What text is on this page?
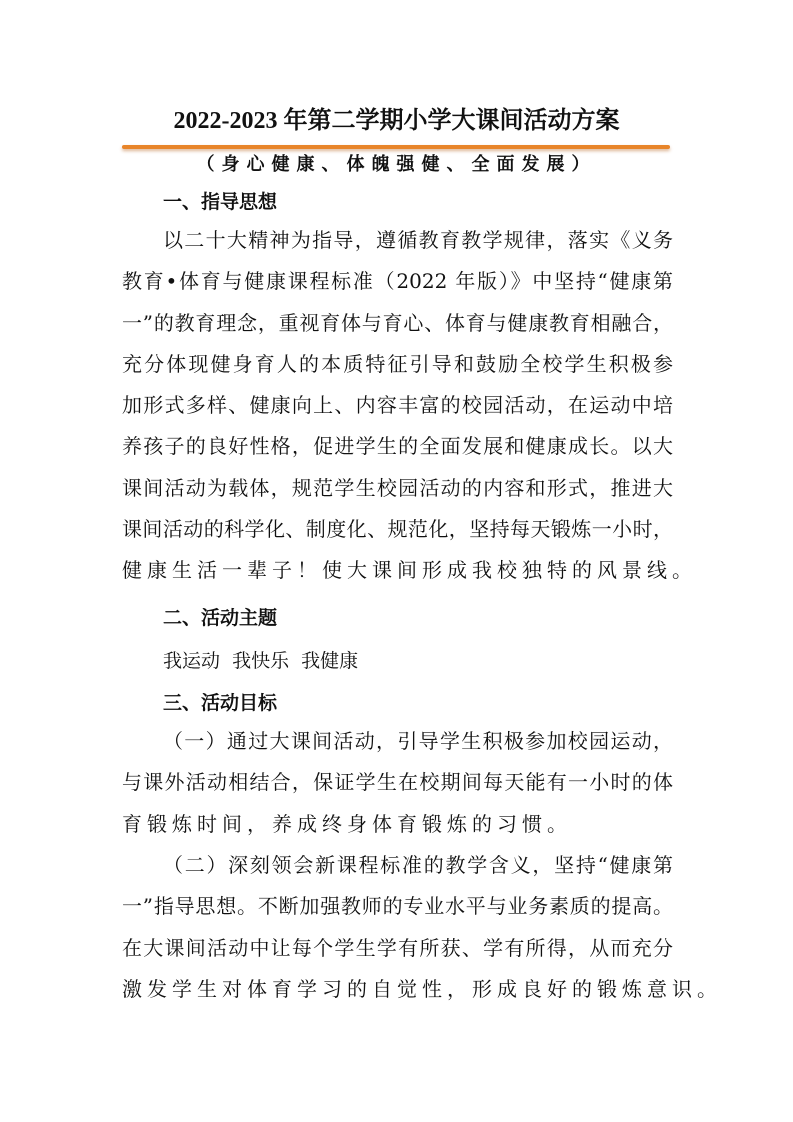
2022-2023 年第二学期小学大课间活动方案
（身心健康、体魄强健、全面发展）
一、指导思想
以二十大精神为指导，遵循教育教学规律，落实《义务
教育•体育与健康课程标准（2022 年版）》中坚持“健康第
一”的教育理念，重视育体与育心、体育与健康教育相融合，
充分体现健身育人的本质特征引导和鼓励全校学生积极参
加形式多样、健康向上、内容丰富的校园活动，在运动中培
养孩子的良好性格，促进学生的全面发展和健康成长。以大
课间活动为载体，规范学生校园活动的内容和形式，推进大
课间活动的科学化、制度化、规范化，坚持每天锻炼一小时，
健康生活一辈子！使大课间形成我校独特的风景线。
二、活动主题
我运动  我快乐  我健康
三、活动目标
（一）通过大课间活动，引导学生积极参加校园运动，
与课外活动相结合，保证学生在校期间每天能有一小时的体
育锻炼时间，养成终身体育锻炼的习惯。
（二）深刻领会新课程标准的教学含义，坚持“健康第
一”指导思想。不断加强教师的专业水平与业务素质的提高。
在大课间活动中让每个学生学有所获、学有所得，从而充分
激发学生对体育学习的自觉性，形成良好的锻炼意识。
